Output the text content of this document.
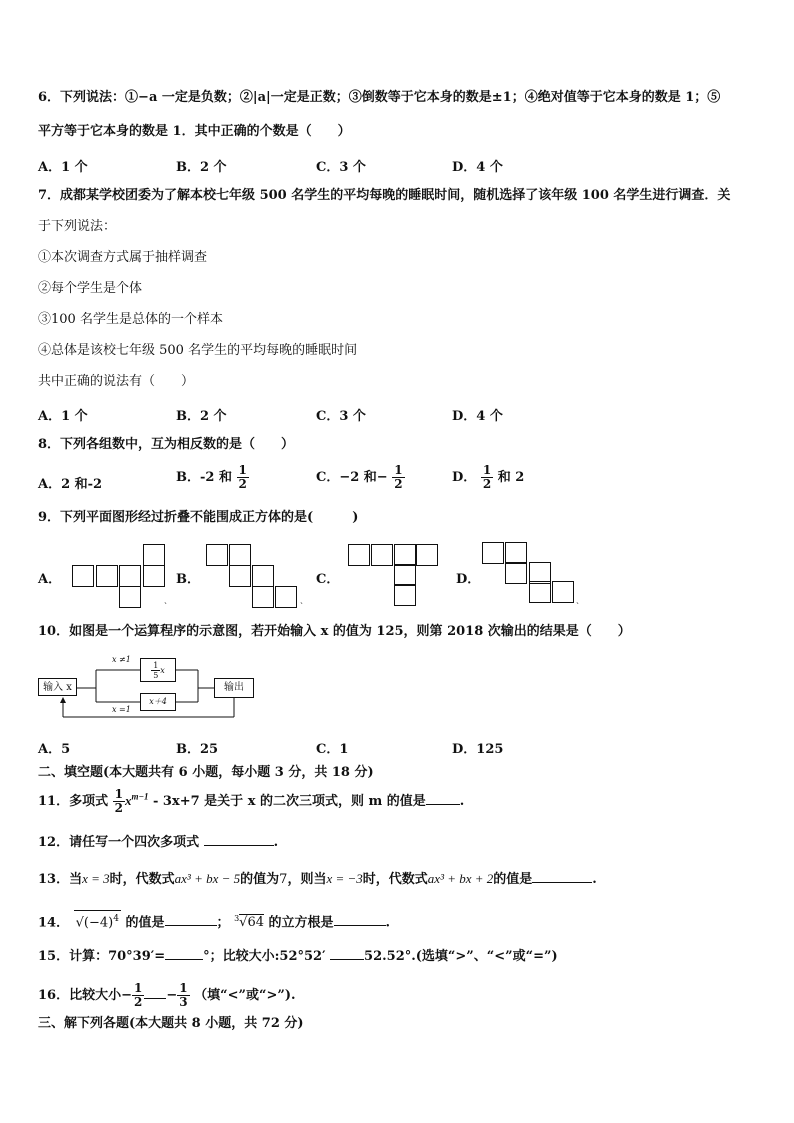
6．下列说法：①−a 一定是负数；②|a|一定是正数；③倒数等于它本身的数是±1；④绝对值等于它本身的数是 1；⑤
平方等于它本身的数是 1．其中正确的个数是（　　）
A．1 个	B．2 个	C．3 个	D．4 个
7．成都某学校团委为了解本校七年级 500 名学生的平均每晚的睡眠时间，随机选择了该年级 100 名学生进行调查．关
于下列说法：
①本次调查方式属于抽样调查
②每个学生是个体
③100 名学生是总体的一个样本
④总体是该校七年级 500 名学生的平均每晚的睡眠时间
共中正确的说法有（　　）
A．1 个	B．2 个	C．3 个	D．4 个
8．下列各组数中，互为相反数的是（　　）
A．2 和-2	B．-2 和 $\frac{1}{2}$	C．−2 和− $\frac{1}{2}$	D． $\frac{1}{2}$ 和 2
9．下列平面图形经过折叠不能围成正方体的是(　　　)
A．	B．
ˏ	ˏ
C．	D．
ˏ
10．如图是一个运算程序的示意图，若开始输入 x 的值为 125，则第 2018 次输出的结果是（　　）
输入 x
x ≠1
$\frac{1}{5}$ x
x＋4
x =1
输出
A．5	B．25	C．1	D．125
二、填空题(本大题共有 6 小题，每小题 3 分，共 18 分)
11．多项式 $\frac{1}{2} x^{m-1} - 3x+7$ 是关于 x 的二次三项式，则 m 的值是	.
12．请任写一个四次多项式	.
13．当x = 3时，代数式ax³ + bx − 5的值为7，则当x = −3时，代数式ax³ + bx + 2的值是	.
14． $√(-4)^4$ 的值是	； $^3$√64 的立方根是	.
15．计算：70°39′=	°；比较大小:52°52′	52.52°.(选填“>”、“<”或“=”)
16．比较大小− $\frac{1}{2} - \frac{1}{3}$ （填“<”或“>”).
三、解下列各题(本大题共 8 小题，共 72 分)
